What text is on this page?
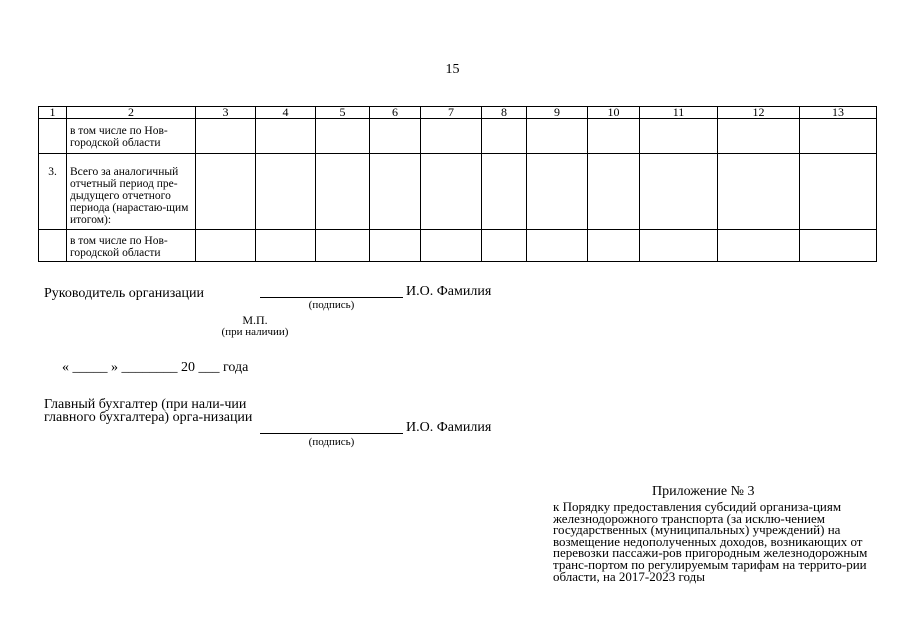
15
1	2	3	4	5	6	7	8	9	10	11	12	13
	в том числе по Нов-городской области											
3.	Всего за аналогичный отчетный период пре-дыдущего отчетного периода (нарастаю-щим итогом):											
	в том числе по Нов-городской области											
Руководитель организации	И.О. Фамилия
(подпись)
М.П.
(при наличии)
« _____ » ________ 20 ___ года
Главный бухгалтер (при нали-чии главного бухгалтера) орга-низации
И.О. Фамилия
(подпись)
Приложение № 3
к Порядку предоставления субсидий организа-циям железнодорожного транспорта (за исклю-чением государственных (муниципальных) учреждений) на возмещение недополученных доходов, возникающих от перевозки пассажи-ров пригородным железнодорожным транс-портом по регулируемым тарифам на террито-рии области, на 2017-2023 годы
